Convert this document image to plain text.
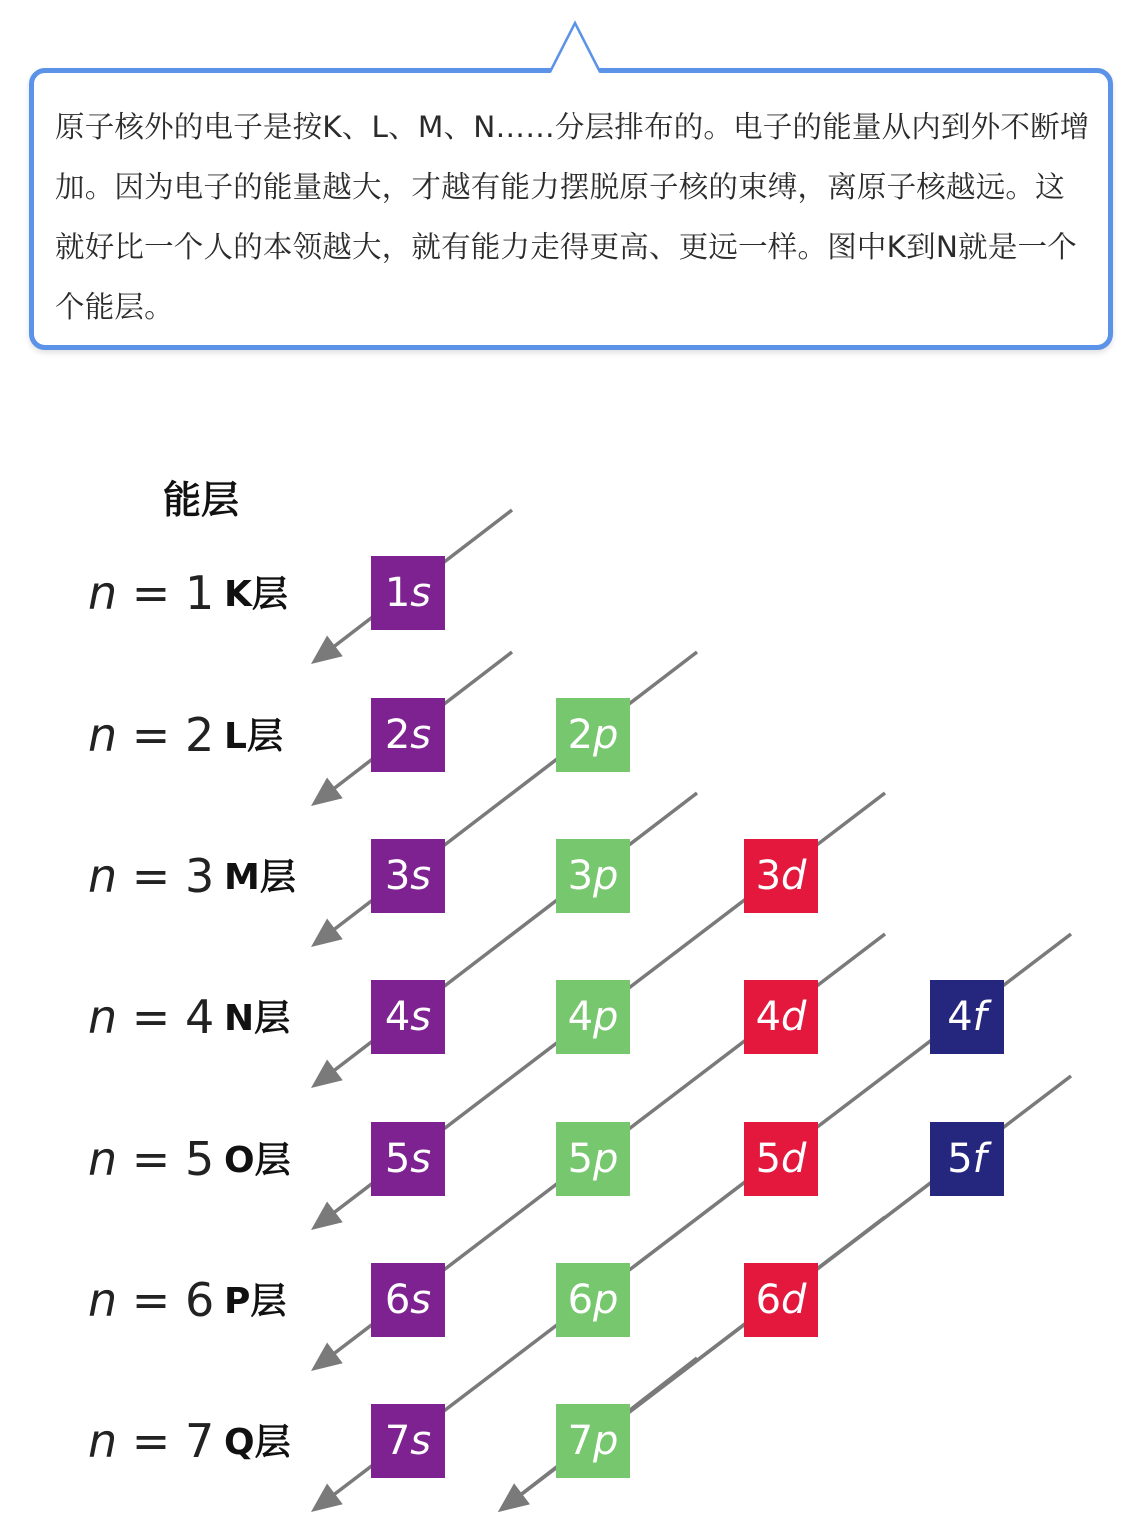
原子核外的电子是按K、L、M、N……分层排布的。电子的能量从内到外不断增加。因为电子的能量越大，才越有能力摆脱原子核的束缚，离原子核越远。这就好比一个人的本领越大，就有能力走得更高、更远一样。图中K到N就是一个个能层。
能层
n = 1 K层	1s
n = 2 L层	2s	2p
n = 3 M层	3s	3p	3d
n = 4 N层	4s	4p	4d	4f
n = 5 O层	5s	5p	5d	5f
n = 6 P层	6s	6p	6d
n = 7 Q层	7s	7p
